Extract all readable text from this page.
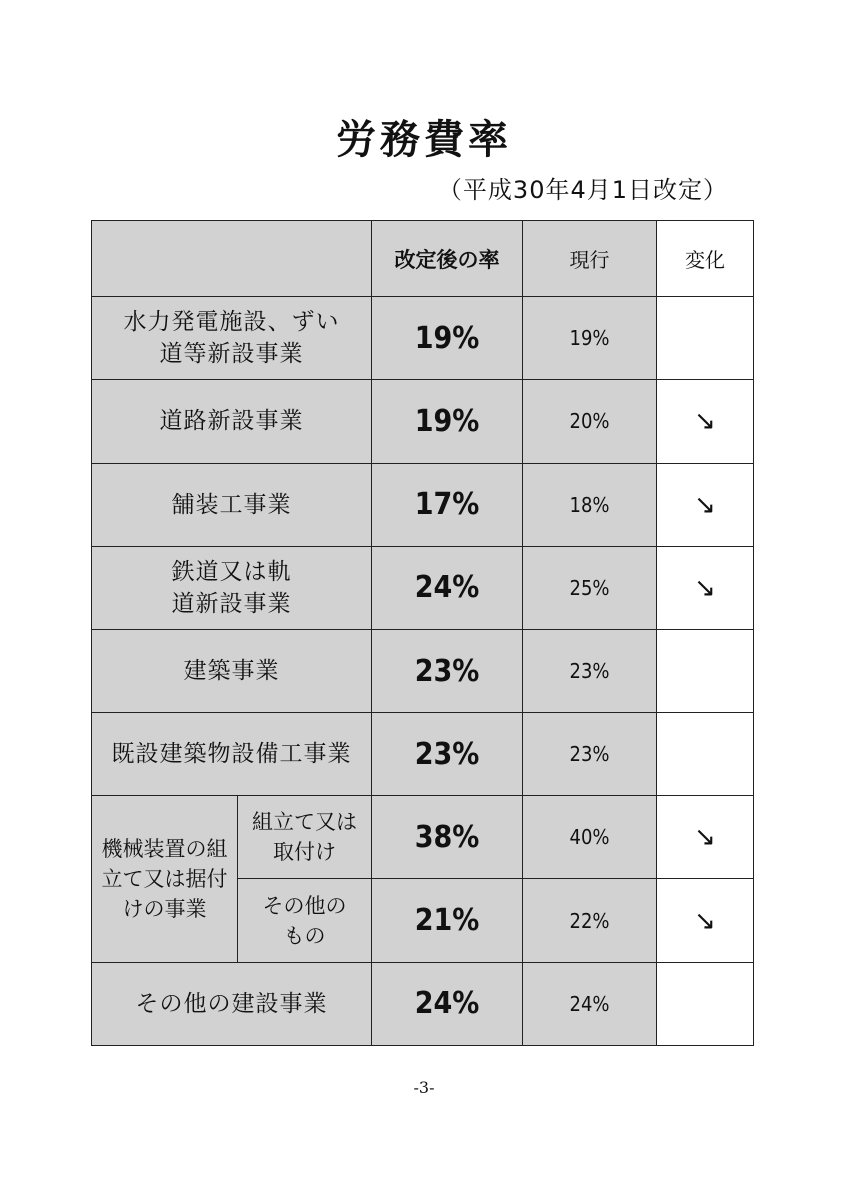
労務費率
（平成30年4月1日改定）
		改定後の率	現行	変化

水力発電施設、ずい道等新設事業		19%	19%	
道路新設事業		19%	20%	↘
舗装工事業		17%	18%	↘

鉄道又は軌道新設事業		24%	25%	↘
建築事業		23%	23%	
既設建築物設備工事業		23%	23%	

機械装置の組立て又は据付けの事業	組立て又は取付け	38%	40%	↘

	その他のもの	21%	22%	↘
その他の建設事業		24%	24%	
-3-
